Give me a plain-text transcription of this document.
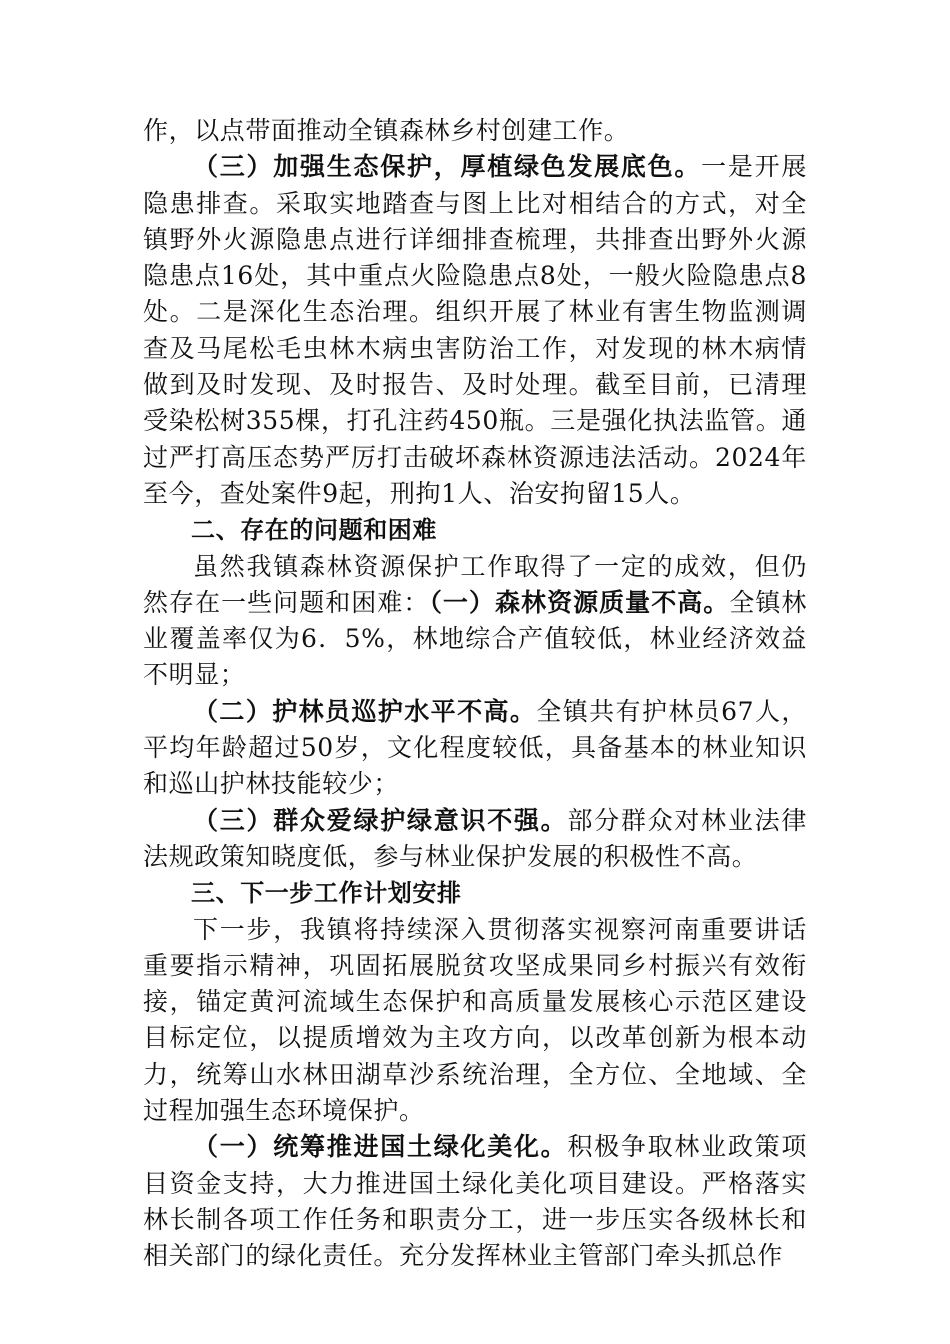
作，以点带面推动全镇森林乡村创建工作。

（三）加强生态保护，厚植绿色发展底色。一是开展隐患排查。采取实地踏查与图上比对相结合的方式，对全镇野外火源隐患点进行详细排查梳理，共排查出野外火源隐患点16处，其中重点火险隐患点8处，一般火险隐患点8处。二是深化生态治理。组织开展了林业有害生物监测调查及马尾松毛虫林木病虫害防治工作，对发现的林木病情做到及时发现、及时报告、及时处理。截至目前，已清理受染松树355棵，打孔注药450瓶。三是强化执法监管。通过严打高压态势严厉打击破坏森林资源违法活动。2024年至今，查处案件9起，刑拘1人、治安拘留15人。

二、存在的问题和困难

虽然我镇森林资源保护工作取得了一定的成效，但仍然存在一些问题和困难：（一）森林资源质量不高。全镇林业覆盖率仅为6．5%，林地综合产值较低，林业经济效益不明显；

（二）护林员巡护水平不高。全镇共有护林员67人，平均年龄超过50岁，文化程度较低，具备基本的林业知识和巡山护林技能较少；

（三）群众爱绿护绿意识不强。部分群众对林业法律法规政策知晓度低，参与林业保护发展的积极性不高。

三、下一步工作计划安排

下一步，我镇将持续深入贯彻落实视察河南重要讲话重要指示精神，巩固拓展脱贫攻坚成果同乡村振兴有效衔接，锚定黄河流域生态保护和高质量发展核心示范区建设目标定位，以提质增效为主攻方向，以改革创新为根本动力，统筹山水林田湖草沙系统治理，全方位、全地域、全过程加强生态环境保护。

（一）统筹推进国土绿化美化。积极争取林业政策项目资金支持，大力推进国土绿化美化项目建设。严格落实林长制各项工作任务和职责分工，进一步压实各级林长和相关部门的绿化责任。充分发挥林业主管部门牵头抓总作
